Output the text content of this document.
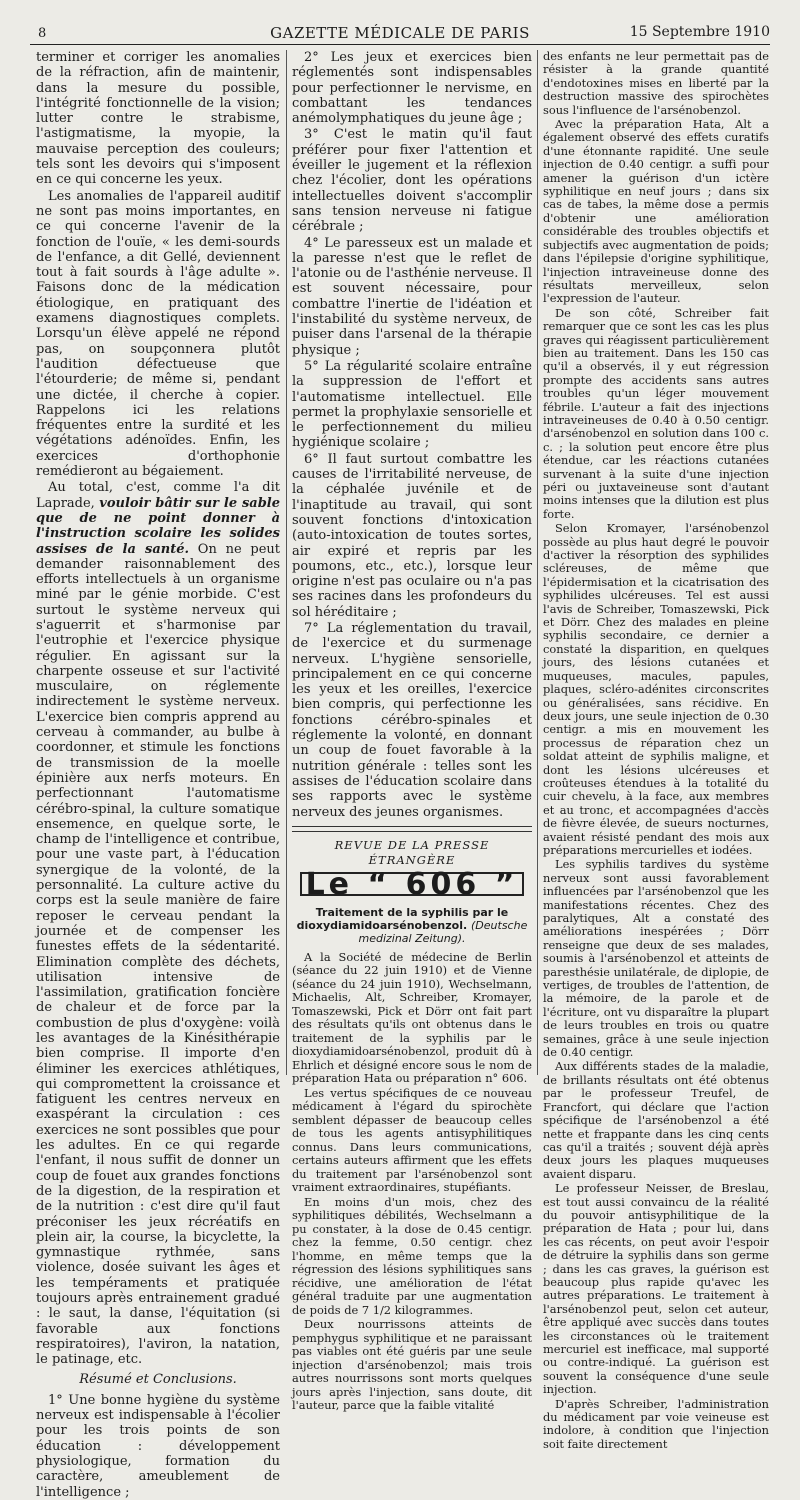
8	GAZETTE MÉDICALE DE PARIS	15 Septembre 1910

terminer et corriger les anomalies de la réfraction, afin de maintenir, dans la mesure du possible, l'intégrité fonctionnelle de la vision; lutter contre le strabisme, l'astigmatisme, la myopie, la mauvaise perception des couleurs; tels sont les devoirs qui s'imposent en ce qui concerne les yeux.

Les anomalies de l'appareil auditif ne sont pas moins importantes, en ce qui concerne l'avenir de la fonction de l'ouïe, « les demi-sourds de l'enfance, a dit Gellé, deviennent tout à fait sourds à l'âge adulte ». Faisons donc de la médication étiologique, en pratiquant des examens diagnostiques complets. Lorsqu'un élève appelé ne répond pas, on soupçonnera plutôt l'audition défectueuse que l'étourderie; de même si, pendant une dictée, il cherche à copier. Rappelons ici les relations fréquentes entre la surdité et les végétations adénoïdes. Enfin, les exercices d'orthophonie remédieront au bégaiement.

Au total, c'est, comme l'a dit Laprade, vouloir bâtir sur le sable que de ne point donner à l'instruction scolaire les solides assises de la santé. On ne peut demander raisonnablement des efforts intellectuels à un organisme miné par le génie morbide. C'est surtout le système nerveux qui s'aguerrit et s'harmonise par l'eutrophie et l'exercice physique régulier. En agissant sur la charpente osseuse et sur l'activité musculaire, on réglemente indirectement le système nerveux. L'exercice bien compris apprend au cerveau à commander, au bulbe à coordonner, et stimule les fonctions de transmission de la moelle épinière aux nerfs moteurs. En perfectionnant l'automatisme cérébro-spinal, la culture somatique ensemence, en quelque sorte, le champ de l'intelligence et contribue, pour une vaste part, à l'éducation synergique de la volonté, de la personnalité. La culture active du corps est la seule manière de faire reposer le cerveau pendant la journée et de compenser les funestes effets de la sédentarité. Elimination complète des déchets, utilisation intensive de l'assimilation, gratification foncière de chaleur et de force par la combustion de plus d'oxygène: voilà les avantages de la Kinésithérapie bien comprise. Il importe d'en éliminer les exercices athlétiques, qui compromettent la croissance et fatiguent les centres nerveux en exaspérant la circulation : ces exercices ne sont possibles que pour les adultes. En ce qui regarde l'enfant, il nous suffit de donner un coup de fouet aux grandes fonctions de la digestion, de la respiration et de la nutrition : c'est dire qu'il faut préconiser les jeux récréatifs en plein air, la course, la bicyclette, la gymnastique rythmée, sans violence, dosée suivant les âges et les tempéraments et pratiquée toujours après entrainement gradué : le saut, la danse, l'équitation (si favorable aux fonctions respiratoires), l'aviron, la natation, le patinage, etc.

Résumé et Conclusions.

1° Une bonne hygiène du système nerveux est indispensable à l'écolier pour les trois points de son éducation : développement physiologique, formation du caractère, ameublement de l'intelligence ;

2° Les jeux et exercices bien réglementés sont indispensables pour perfectionner le nervisme, en combattant les tendances anémolymphatiques du jeune âge ;

3° C'est le matin qu'il faut préférer pour fixer l'attention et éveiller le jugement et la réflexion chez l'écolier, dont les opérations intellectuelles doivent s'accomplir sans tension nerveuse ni fatigue cérébrale ;

4° Le paresseux est un malade et la paresse n'est que le reflet de l'atonie ou de l'asthénie nerveuse. Il est souvent nécessaire, pour combattre l'inertie de l'idéation et l'instabilité du système nerveux, de puiser dans l'arsenal de la thérapie physique ;

5° La régularité scolaire entraîne la suppression de l'effort et l'automatisme intellectuel. Elle permet la prophylaxie sensorielle et le perfectionnement du milieu hygiénique scolaire ;

6° Il faut surtout combattre les causes de l'irritabilité nerveuse, de la céphalée juvénile et de l'inaptitude au travail, qui sont souvent fonctions d'intoxication (auto-intoxication de toutes sortes, air expiré et repris par les poumons, etc., etc.), lorsque leur origine n'est pas oculaire ou n'a pas ses racines dans les profondeurs du sol héréditaire ;

7° La réglementation du travail, de l'exercice et du surmenage nerveux. L'hygiène sensorielle, principalement en ce qui concerne les yeux et les oreilles, l'exercice bien compris, qui perfectionne les fonctions cérébro-spinales et réglemente la volonté, en donnant un coup de fouet favorable à la nutrition générale : telles sont les assises de l'éducation scolaire dans ses rapports avec le système nerveux des jeunes organismes.

REVUE DE LA PRESSE ÉTRANGÈRE
Le “ 606 ”
Traitement de la syphilis par le dioxydiamidoarsénobenzol. (Deutsche medizinal Zeitung).

A la Société de médecine de Berlin (séance du 22 juin 1910) et de Vienne (séance du 24 juin 1910), Wechselmann, Michaelis, Alt, Schreiber, Kromayer, Tomaszewski, Pick et Dörr ont fait part des résultats qu'ils ont obtenus dans le traitement de la syphilis par le dioxydiamidoarsénobenzol, produit dû à Ehrlich et désigné encore sous le nom de préparation Hata ou préparation n° 606.

Les vertus spécifiques de ce nouveau médicament à l'égard du spirochète semblent dépasser de beaucoup celles de tous les agents antisyphilitiques connus. Dans leurs communications, certains auteurs affirment que les effets du traitement par l'arsénobenzol sont vraiment extraordinaires, stupéfiants.

En moins d'un mois, chez des syphilitiques débilités, Wechselmann a pu constater, à la dose de 0.45 centigr. chez la femme, 0.50 centigr. chez l'homme, en même temps que la régression des lésions syphilitiques sans récidive, une amélioration de l'état général traduite par une augmentation de poids de 7 1/2 kilogrammes.

Deux nourrissons atteints de pemphygus syphilitique et ne paraissant pas viables ont été guéris par une seule injection d'arsénobenzol; mais trois autres nourrissons sont morts quelques jours après l'injection, sans doute, dit l'auteur, parce que la faible vitalité

des enfants ne leur permettait pas de résister à la grande quantité d'endotoxines mises en liberté par la destruction massive des spirochètes sous l'influence de l'arsénobenzol.

Avec la préparation Hata, Alt a également observé des effets curatifs d'une étonnante rapidité. Une seule injection de 0.40 centigr. a suffi pour amener la guérison d'un ictère syphilitique en neuf jours ; dans six cas de tabes, la même dose a permis d'obtenir une amélioration considérable des troubles objectifs et subjectifs avec augmentation de poids; dans l'épilepsie d'origine syphilitique, l'injection intraveineuse donne des résultats merveilleux, selon l'expression de l'auteur.

De son côté, Schreiber fait remarquer que ce sont les cas les plus graves qui réagissent particulièrement bien au traitement. Dans les 150 cas qu'il a observés, il y eut régression prompte des accidents sans autres troubles qu'un léger mouvement fébrile. L'auteur a fait des injections intraveineuses de 0.40 à 0.50 centigr. d'arsénobenzol en solution dans 100 c. c. ; la solution peut encore être plus étendue, car les réactions cutanées survenant à la suite d'une injection péri ou juxtaveineuse sont d'autant moins intenses que la dilution est plus forte.

Selon Kromayer, l'arsénobenzol possède au plus haut degré le pouvoir d'activer la résorption des syphilides scléreuses, de même que l'épidermisation et la cicatrisation des syphilides ulcéreuses. Tel est aussi l'avis de Schreiber, Tomaszewski, Pick et Dörr. Chez des malades en pleine syphilis secondaire, ce dernier a constaté la disparition, en quelques jours, des lésions cutanées et muqueuses, macules, papules, plaques, scléro-adénites circonscrites ou généralisées, sans récidive. En deux jours, une seule injection de 0.30 centigr. a mis en mouvement les processus de réparation chez un soldat atteint de syphilis maligne, et dont les lésions ulcéreuses et croûteuses étendues à la totalité du cuir chevelu, à la face, aux membres et au tronc, et accompagnées d'accès de fièvre élevée, de sueurs nocturnes, avaient résisté pendant des mois aux préparations mercurielles et iodées.

Les syphilis tardives du système nerveux sont aussi favorablement influencées par l'arsénobenzol que les manifestations récentes. Chez des paralytiques, Alt a constaté des améliorations inespérées ; Dörr renseigne que deux de ses malades, soumis à l'arsénobenzol et atteints de paresthésie unilatérale, de diplopie, de vertiges, de troubles de l'attention, de la mémoire, de la parole et de l'écriture, ont vu disparaître la plupart de leurs troubles en trois ou quatre semaines, grâce à une seule injection de 0.40 centigr.

Aux différents stades de la maladie, de brillants résultats ont été obtenus par le professeur Treufel, de Francfort, qui déclare que l'action spécifique de l'arsénobenzol a été nette et frappante dans les cinq cents cas qu'il a traités ; souvent déjà après deux jours les plaques muqueuses avaient disparu.

Le professeur Neisser, de Breslau, est tout aussi convaincu de la réalité du pouvoir antisyphilitique de la préparation de Hata ; pour lui, dans les cas récents, on peut avoir l'espoir de détruire la syphilis dans son germe ; dans les cas graves, la guérison est beaucoup plus rapide qu'avec les autres préparations. Le traitement à l'arsénobenzol peut, selon cet auteur, être appliqué avec succès dans toutes les circonstances où le traitement mercuriel est inefficace, mal supporté ou contre-indiqué. La guérison est souvent la conséquence d'une seule injection.

D'après Schreiber, l'administration du médicament par voie veineuse est indolore, à condition que l'injection soit faite directement
